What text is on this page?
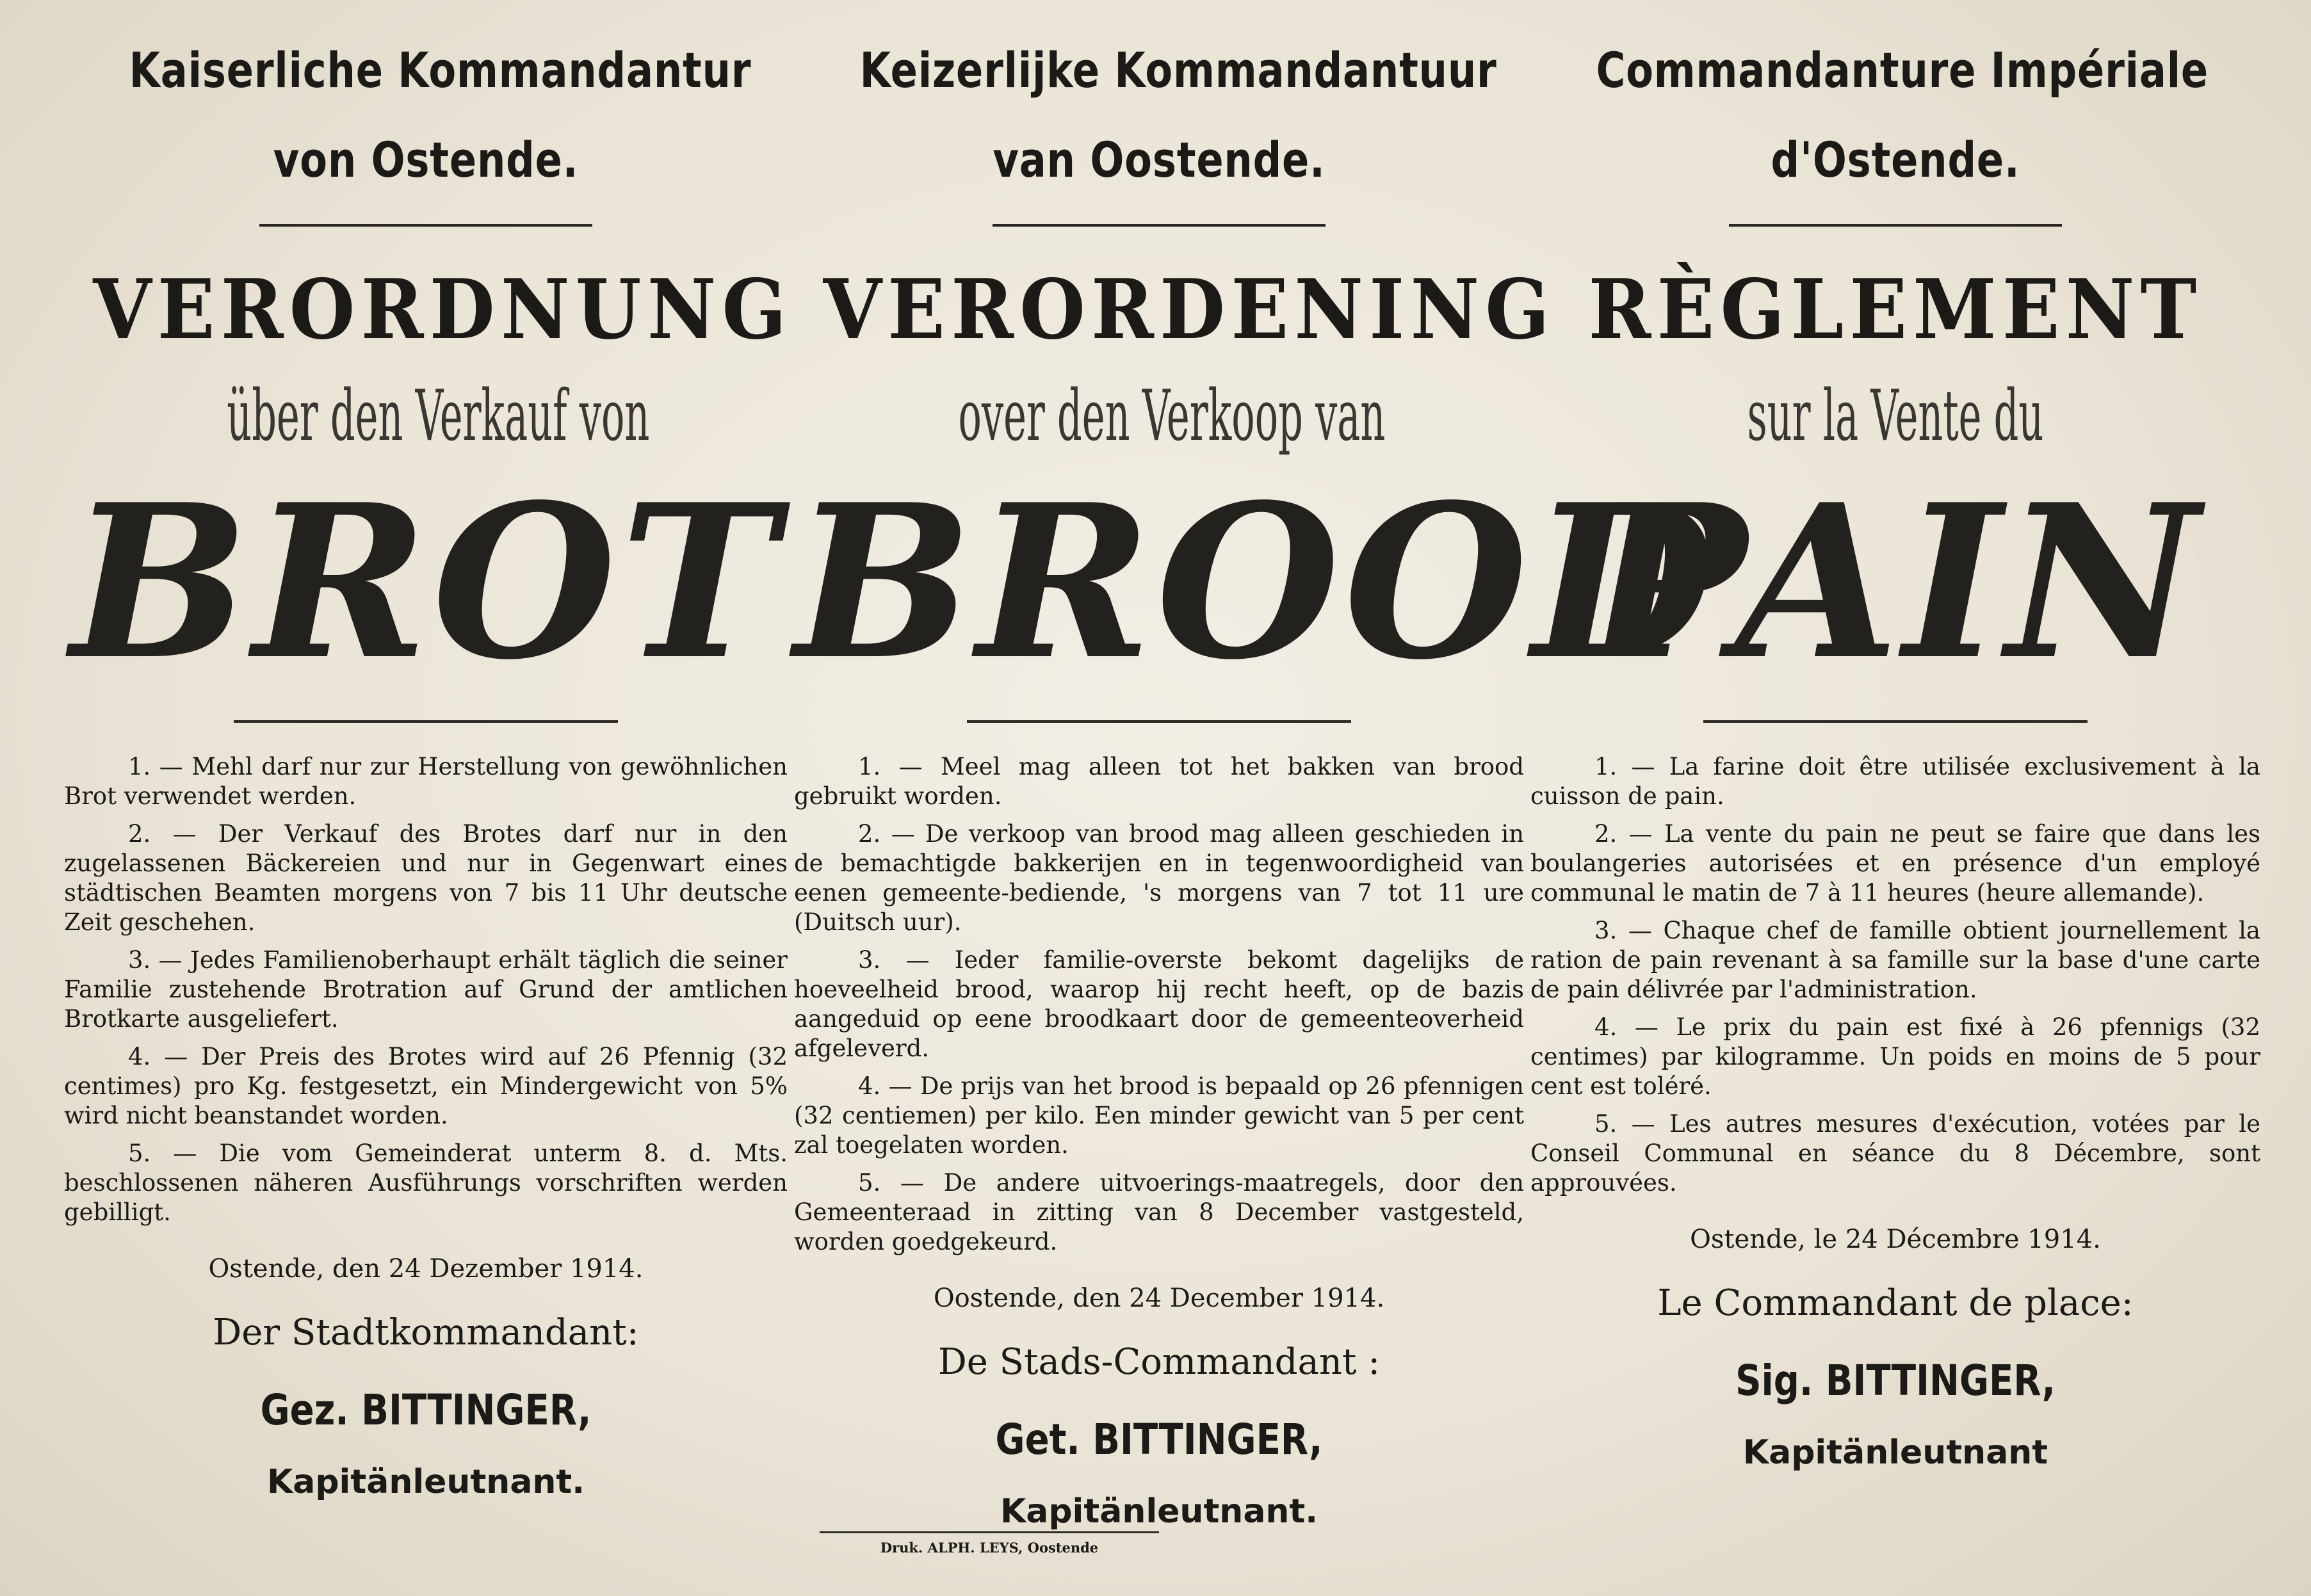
Kaiserliche Kommandantur
von Ostende.
VERORDNUNG
über den Verkauf von
BROT

1. — Mehl darf nur zur Herstellung von gewöhnlichen Brot verwendet werden.

2. — Der Verkauf des Brotes darf nur in den zugelassenen Bäckereien und nur in Gegenwart eines städtischen Beamten morgens von 7 bis 11 Uhr deutsche Zeit geschehen.

3. — Jedes Familienoberhaupt erhält täglich die seiner Familie zustehende Brotration auf Grund der amtlichen Brotkarte ausgeliefert.

4. — Der Preis des Brotes wird auf 26 Pfennig (32 centimes) pro Kg. festgesetzt, ein Mindergewicht von 5% wird nicht beanstandet worden.

5. — Die vom Gemeinderat unterm 8. d. Mts. beschlossenen näheren Ausführungs vorschriften werden gebilligt.

Ostende, den 24 Dezember 1914.
Der Stadtkommandant:
Gez. BITTINGER,
Kapitänleutnant.
Keizerlijke Kommandantuur
van Oostende.
VERORDENING
over den Verkoop van
BROOD

1. — Meel mag alleen tot het bakken van brood gebruikt worden.

2. — De verkoop van brood mag alleen geschieden in de bemachtigde bakkerijen en in tegenwoordigheid van eenen gemeente-bediende, 's morgens van 7 tot 11 ure (Duitsch uur).

3. — Ieder familie-overste bekomt dagelijks de hoeveelheid brood, waarop hij recht heeft, op de bazis aangeduid op eene broodkaart door de gemeenteoverheid afgeleverd.

4. — De prijs van het brood is bepaald op 26 pfennigen (32 centiemen) per kilo. Een minder gewicht van 5 per cent zal toegelaten worden.

5. — De andere uitvoerings-maatregels, door den Gemeenteraad in zitting van 8 December vastgesteld, worden goedgekeurd.

Oostende, den 24 December 1914.
De Stads-Commandant :
Get. BITTINGER,
Kapitänleutnant.
Commandanture Impériale
d'Ostende.
RÈGLEMENT
sur la Vente du
PAIN

1. — La farine doit être utilisée exclusivement à la cuisson de pain.

2. — La vente du pain ne peut se faire que dans les boulangeries autorisées et en présence d'un employé communal le matin de 7 à 11 heures (heure allemande).

3. — Chaque chef de famille obtient journellement la ration de pain revenant à sa famille sur la base d'une carte de pain délivrée par l'administration.

4. — Le prix du pain est fixé à 26 pfennigs (32 centimes) par kilogramme. Un poids en moins de 5 pour cent est toléré.

5. — Les autres mesures d'exécution, votées par le Conseil Communal en séance du 8 Décembre, sont approuvées.

Ostende, le 24 Décembre 1914.
Le Commandant de place:
Sig. BITTINGER,
Kapitänleutnant
Druk. ALPH. LEYS, Oostende
